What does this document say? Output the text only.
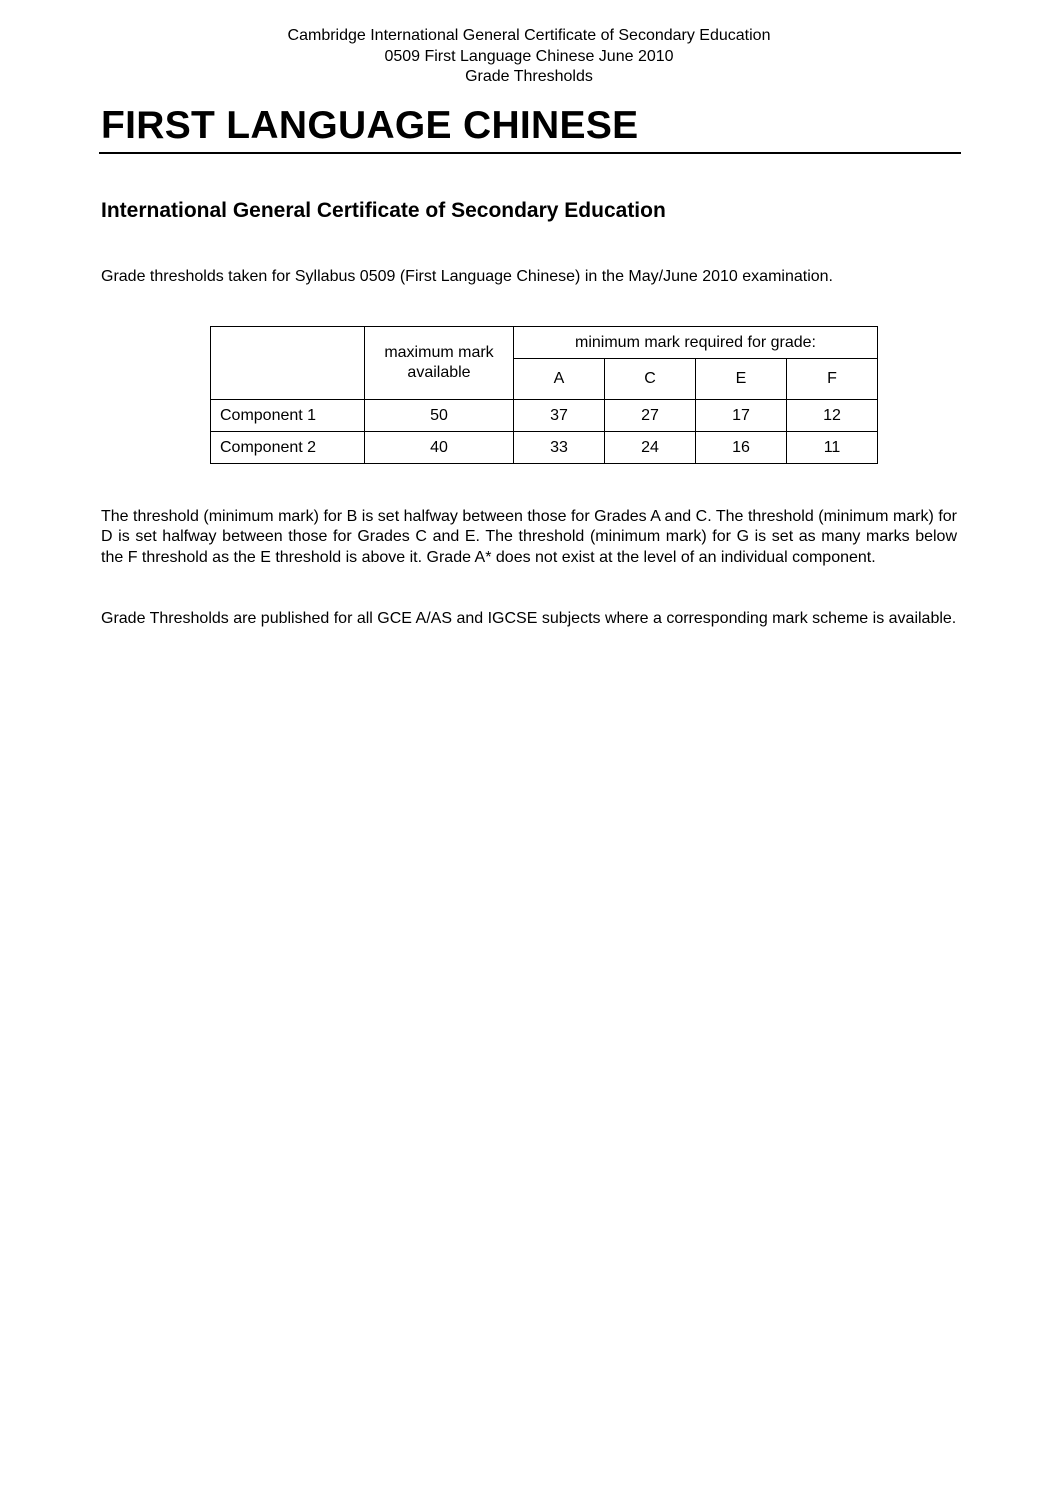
Cambridge International General Certificate of Secondary Education
0509 First Language Chinese June 2010
Grade Thresholds
FIRST LANGUAGE CHINESE
International General Certificate of Secondary Education
Grade thresholds taken for Syllabus 0509 (First Language Chinese) in the May/June 2010 examination.
	maximum mark available	minimum mark required for grade:			
		A	C	E	F
Component 1	50	37	27	17	12
Component 2	40	33	24	16	11
The threshold (minimum mark) for B is set halfway between those for Grades A and C. The threshold (minimum mark) for D is set halfway between those for Grades C and E. The threshold (minimum mark) for G is set as many marks below the F threshold as the E threshold is above it. Grade A* does not exist at the level of an individual component.
Grade Thresholds are published for all GCE A/AS and IGCSE subjects where a corresponding mark scheme is available.
